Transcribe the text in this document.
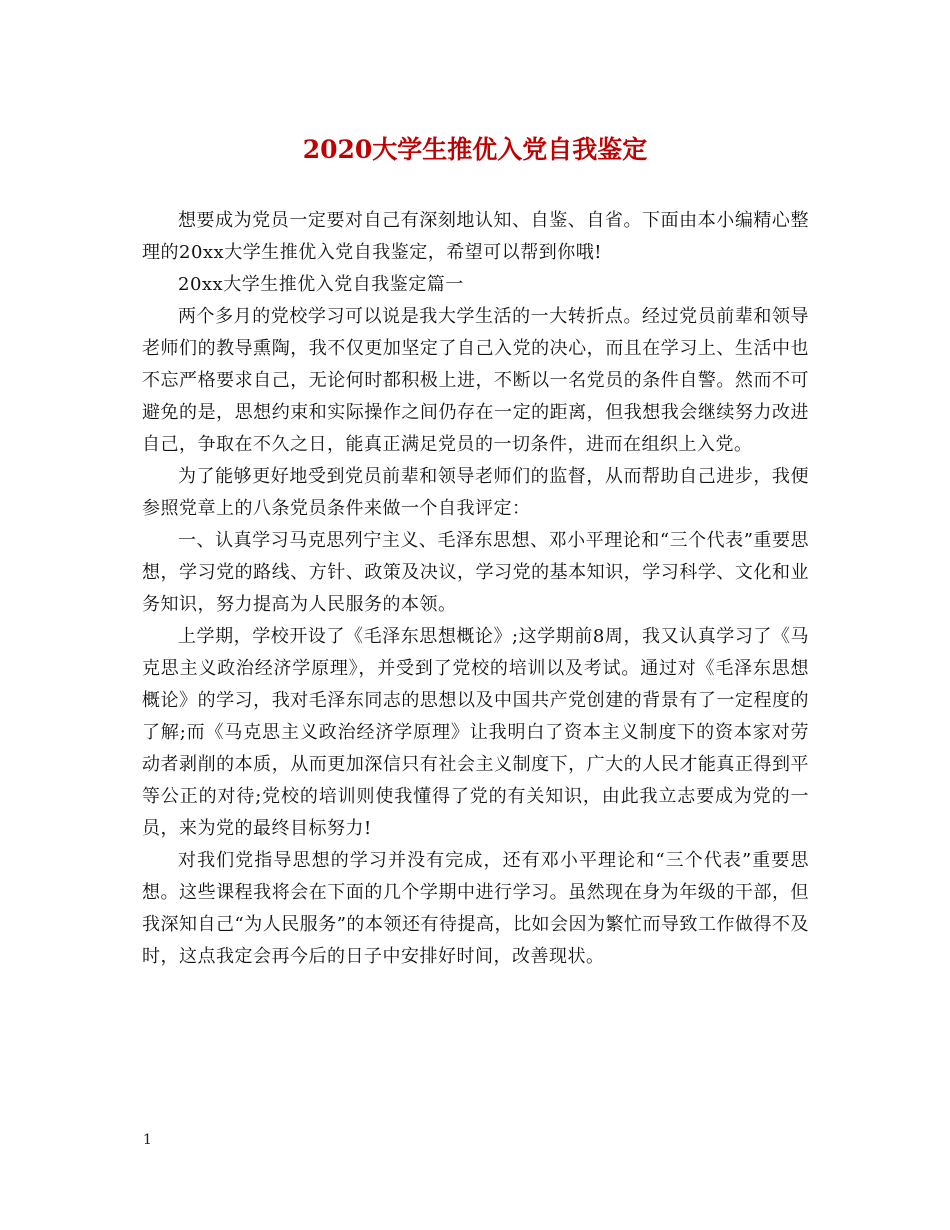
2020大学生推优入党自我鉴定

想要成为党员一定要对自己有深刻地认知、自鉴、自省。下面由本小编精心整理的20xx大学生推优入党自我鉴定，希望可以帮到你哦!

20xx大学生推优入党自我鉴定篇一

两个多月的党校学习可以说是我大学生活的一大转折点。经过党员前辈和领导老师们的教导熏陶，我不仅更加坚定了自己入党的决心，而且在学习上、生活中也不忘严格要求自己，无论何时都积极上进，不断以一名党员的条件自警。然而不可避免的是，思想约束和实际操作之间仍存在一定的距离，但我想我会继续努力改进自己，争取在不久之日，能真正满足党员的一切条件，进而在组织上入党。

为了能够更好地受到党员前辈和领导老师们的监督，从而帮助自己进步，我便参照党章上的八条党员条件来做一个自我评定：

一、认真学习马克思列宁主义、毛泽东思想、邓小平理论和“三个代表”重要思想，学习党的路线、方针、政策及决议，学习党的基本知识，学习科学、文化和业务知识，努力提高为人民服务的本领。

上学期，学校开设了《毛泽东思想概论》;这学期前8周，我又认真学习了《马克思主义政治经济学原理》，并受到了党校的培训以及考试。通过对《毛泽东思想概论》的学习，我对毛泽东同志的思想以及中国共产党创建的背景有了一定程度的了解;而《马克思主义政治经济学原理》让我明白了资本主义制度下的资本家对劳动者剥削的本质，从而更加深信只有社会主义制度下，广大的人民才能真正得到平等公正的对待;党校的培训则使我懂得了党的有关知识，由此我立志要成为党的一员，来为党的最终目标努力!

对我们党指导思想的学习并没有完成，还有邓小平理论和“三个代表”重要思想。这些课程我将会在下面的几个学期中进行学习。虽然现在身为年级的干部，但我深知自己“为人民服务”的本领还有待提高，比如会因为繁忙而导致工作做得不及时，这点我定会再今后的日子中安排好时间，改善现状。

1
